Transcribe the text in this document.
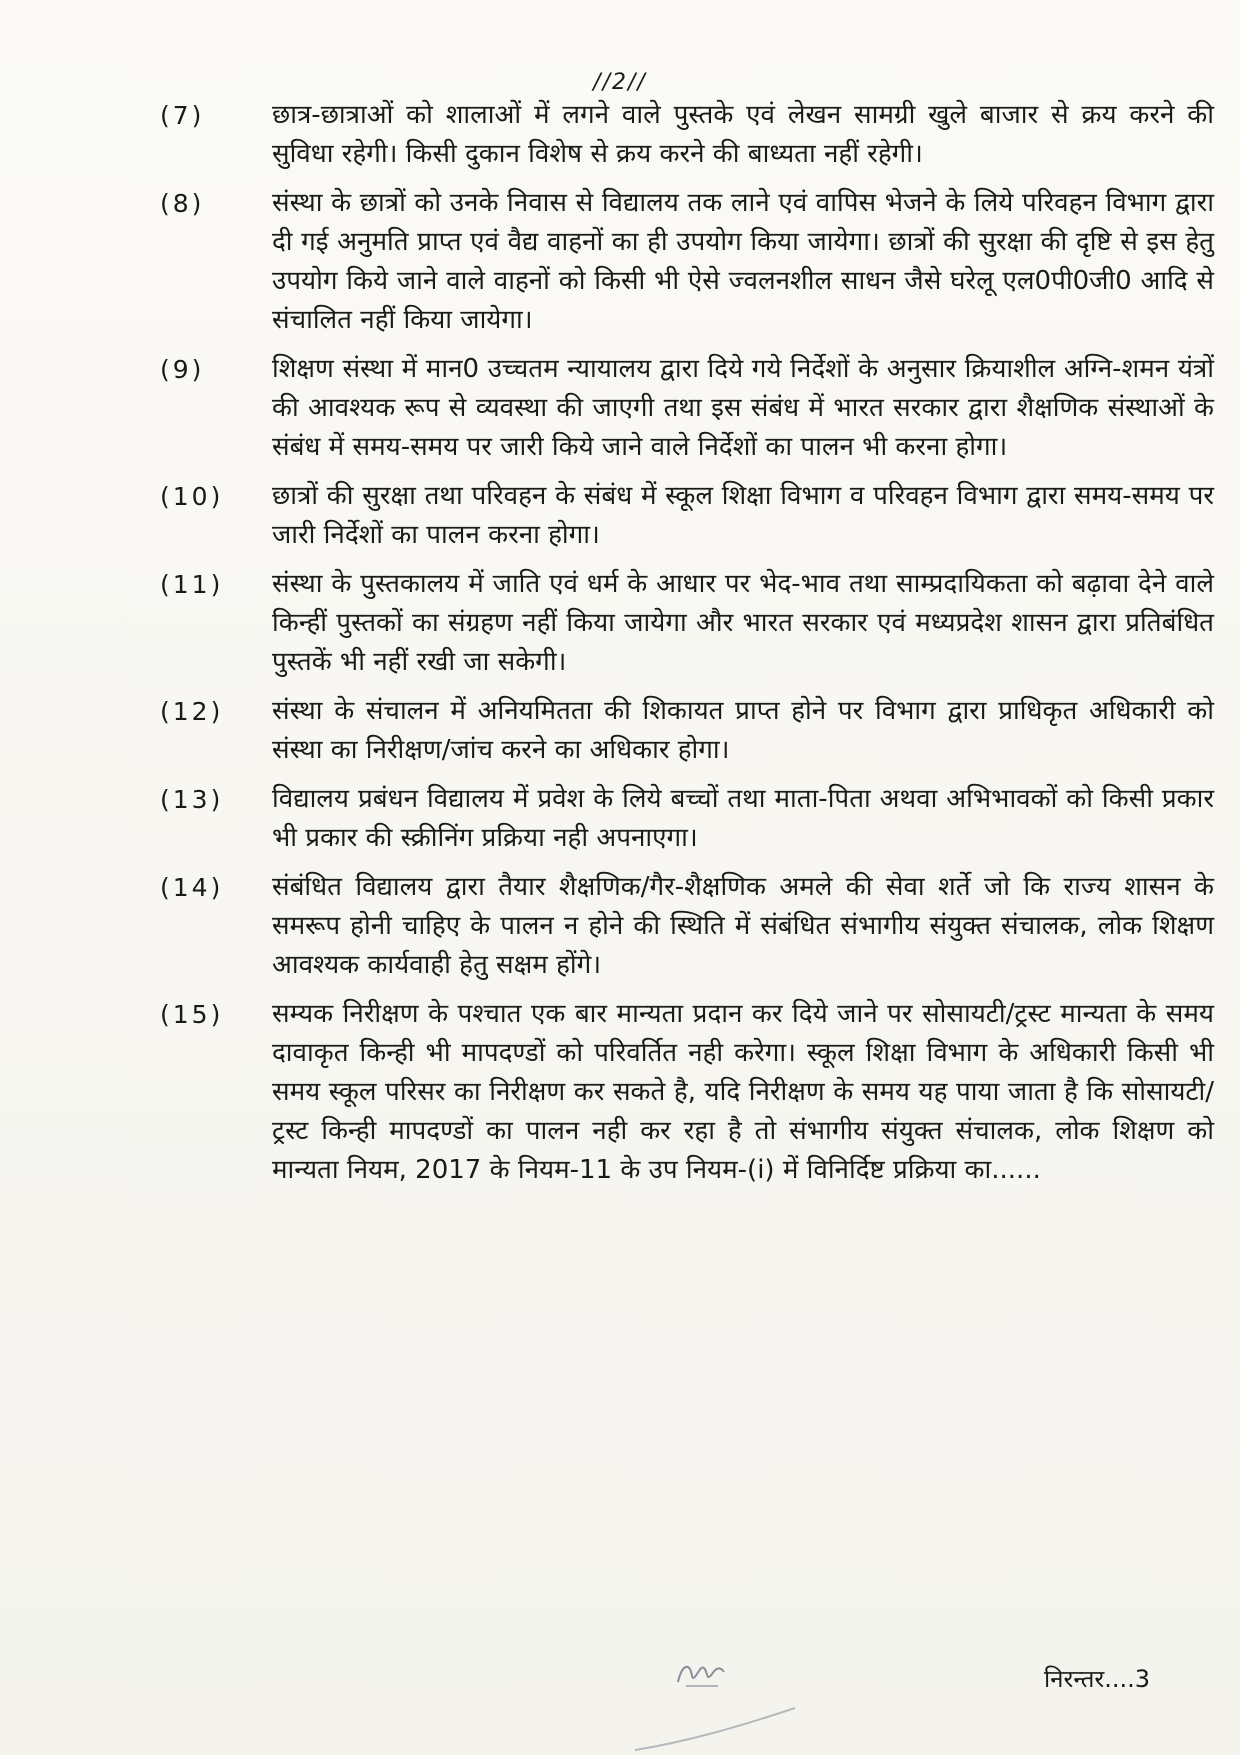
//2//
(7)	छात्र-छात्राओं को शालाओं में लगने वाले पुस्तके एवं लेखन सामग्री खुले बाजार से क्रय करने की सुविधा रहेगी। किसी दुकान विशेष से क्रय करने की बाध्यता नहीं रहेगी।
(8)	संस्था के छात्रों को उनके निवास से विद्यालय तक लाने एवं वापिस भेजने के लिये परिवहन विभाग द्वारा दी गई अनुमति प्राप्त एवं वैद्य वाहनों का ही उपयोग किया जायेगा। छात्रों की सुरक्षा की दृष्टि से इस हेतु उपयोग किये जाने वाले वाहनों को किसी भी ऐसे ज्वलनशील साधन जैसे घरेलू एल0पी0जी0 आदि से संचालित नहीं किया जायेगा।
(9)	शिक्षण संस्था में मान0 उच्चतम न्यायालय द्वारा दिये गये निर्देशों के अनुसार क्रियाशील अग्नि-शमन यंत्रों की आवश्यक रूप से व्यवस्था की जाएगी तथा इस संबंध में भारत सरकार द्वारा शैक्षणिक संस्थाओं के संबंध में समय-समय पर जारी किये जाने वाले निर्देशों का पालन भी करना होगा।
(10)	छात्रों की सुरक्षा तथा परिवहन के संबंध में स्कूल शिक्षा विभाग व परिवहन विभाग द्वारा समय-समय पर जारी निर्देशों का पालन करना होगा।
(11)	संस्था के पुस्तकालय में जाति एवं धर्म के आधार पर भेद-भाव तथा साम्प्रदायिकता को बढ़ावा देने वाले किन्हीं पुस्तकों का संग्रहण नहीं किया जायेगा और भारत सरकार एवं मध्यप्रदेश शासन द्वारा प्रतिबंधित पुस्तकें भी नहीं रखी जा सकेगी।
(12)	संस्था के संचालन में अनियमितता की शिकायत प्राप्त होने पर विभाग द्वारा प्राधिकृत अधिकारी को संस्था का निरीक्षण/जांच करने का अधिकार होगा।
(13)	विद्यालय प्रबंधन विद्यालय में प्रवेश के लिये बच्चों तथा माता-पिता अथवा अभिभावकों को किसी प्रकार भी प्रकार की स्क्रीनिंग प्रक्रिया नही अपनाएगा।
(14)	संबंधित विद्यालय द्वारा तैयार शैक्षणिक/गैर-शैक्षणिक अमले की सेवा शर्ते जो कि राज्य शासन के समरूप होनी चाहिए के पालन न होने की स्थिति में संबंधित संभागीय संयुक्त संचालक, लोक शिक्षण आवश्यक कार्यवाही हेतु सक्षम होंगे।
(15)	सम्यक निरीक्षण के पश्चात एक बार मान्यता प्रदान कर दिये जाने पर सोसायटी/ट्रस्ट मान्यता के समय दावाकृत किन्ही भी मापदण्डों को परिवर्तित नही करेगा। स्कूल शिक्षा विभाग के अधिकारी किसी भी समय स्कूल परिसर का निरीक्षण कर सकते है, यदि निरीक्षण के समय यह पाया जाता है कि सोसायटी/ट्रस्ट किन्ही मापदण्डों का पालन नही कर रहा है तो संभागीय संयुक्त संचालक, लोक शिक्षण को मान्यता नियम, 2017 के नियम-11 के उप नियम-(i) में विनिर्दिष्ट प्रक्रिया का......
निरन्तर....3
